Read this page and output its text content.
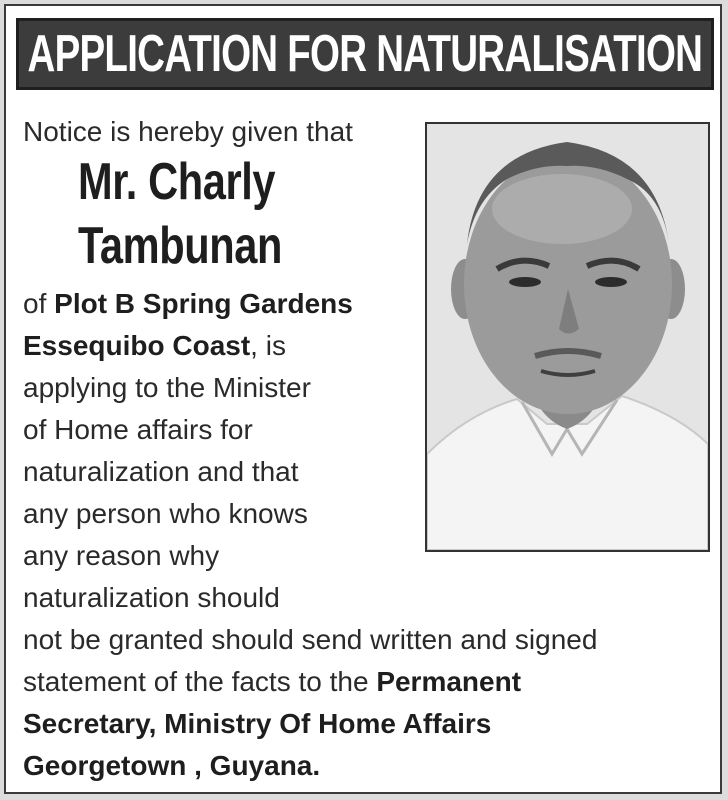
APPLICATION FOR NATURALISATION
Notice is hereby given that
Mr. Charly
Tambunan
of Plot B Spring Gardens
Essequibo Coast, is
applying to the Minister
of Home affairs for
naturalization and that
any person who knows
any reason why
naturalization should
not be granted should send written and signed
statement of the facts to the Permanent
Secretary, Ministry Of Home Affairs
Georgetown , Guyana.
